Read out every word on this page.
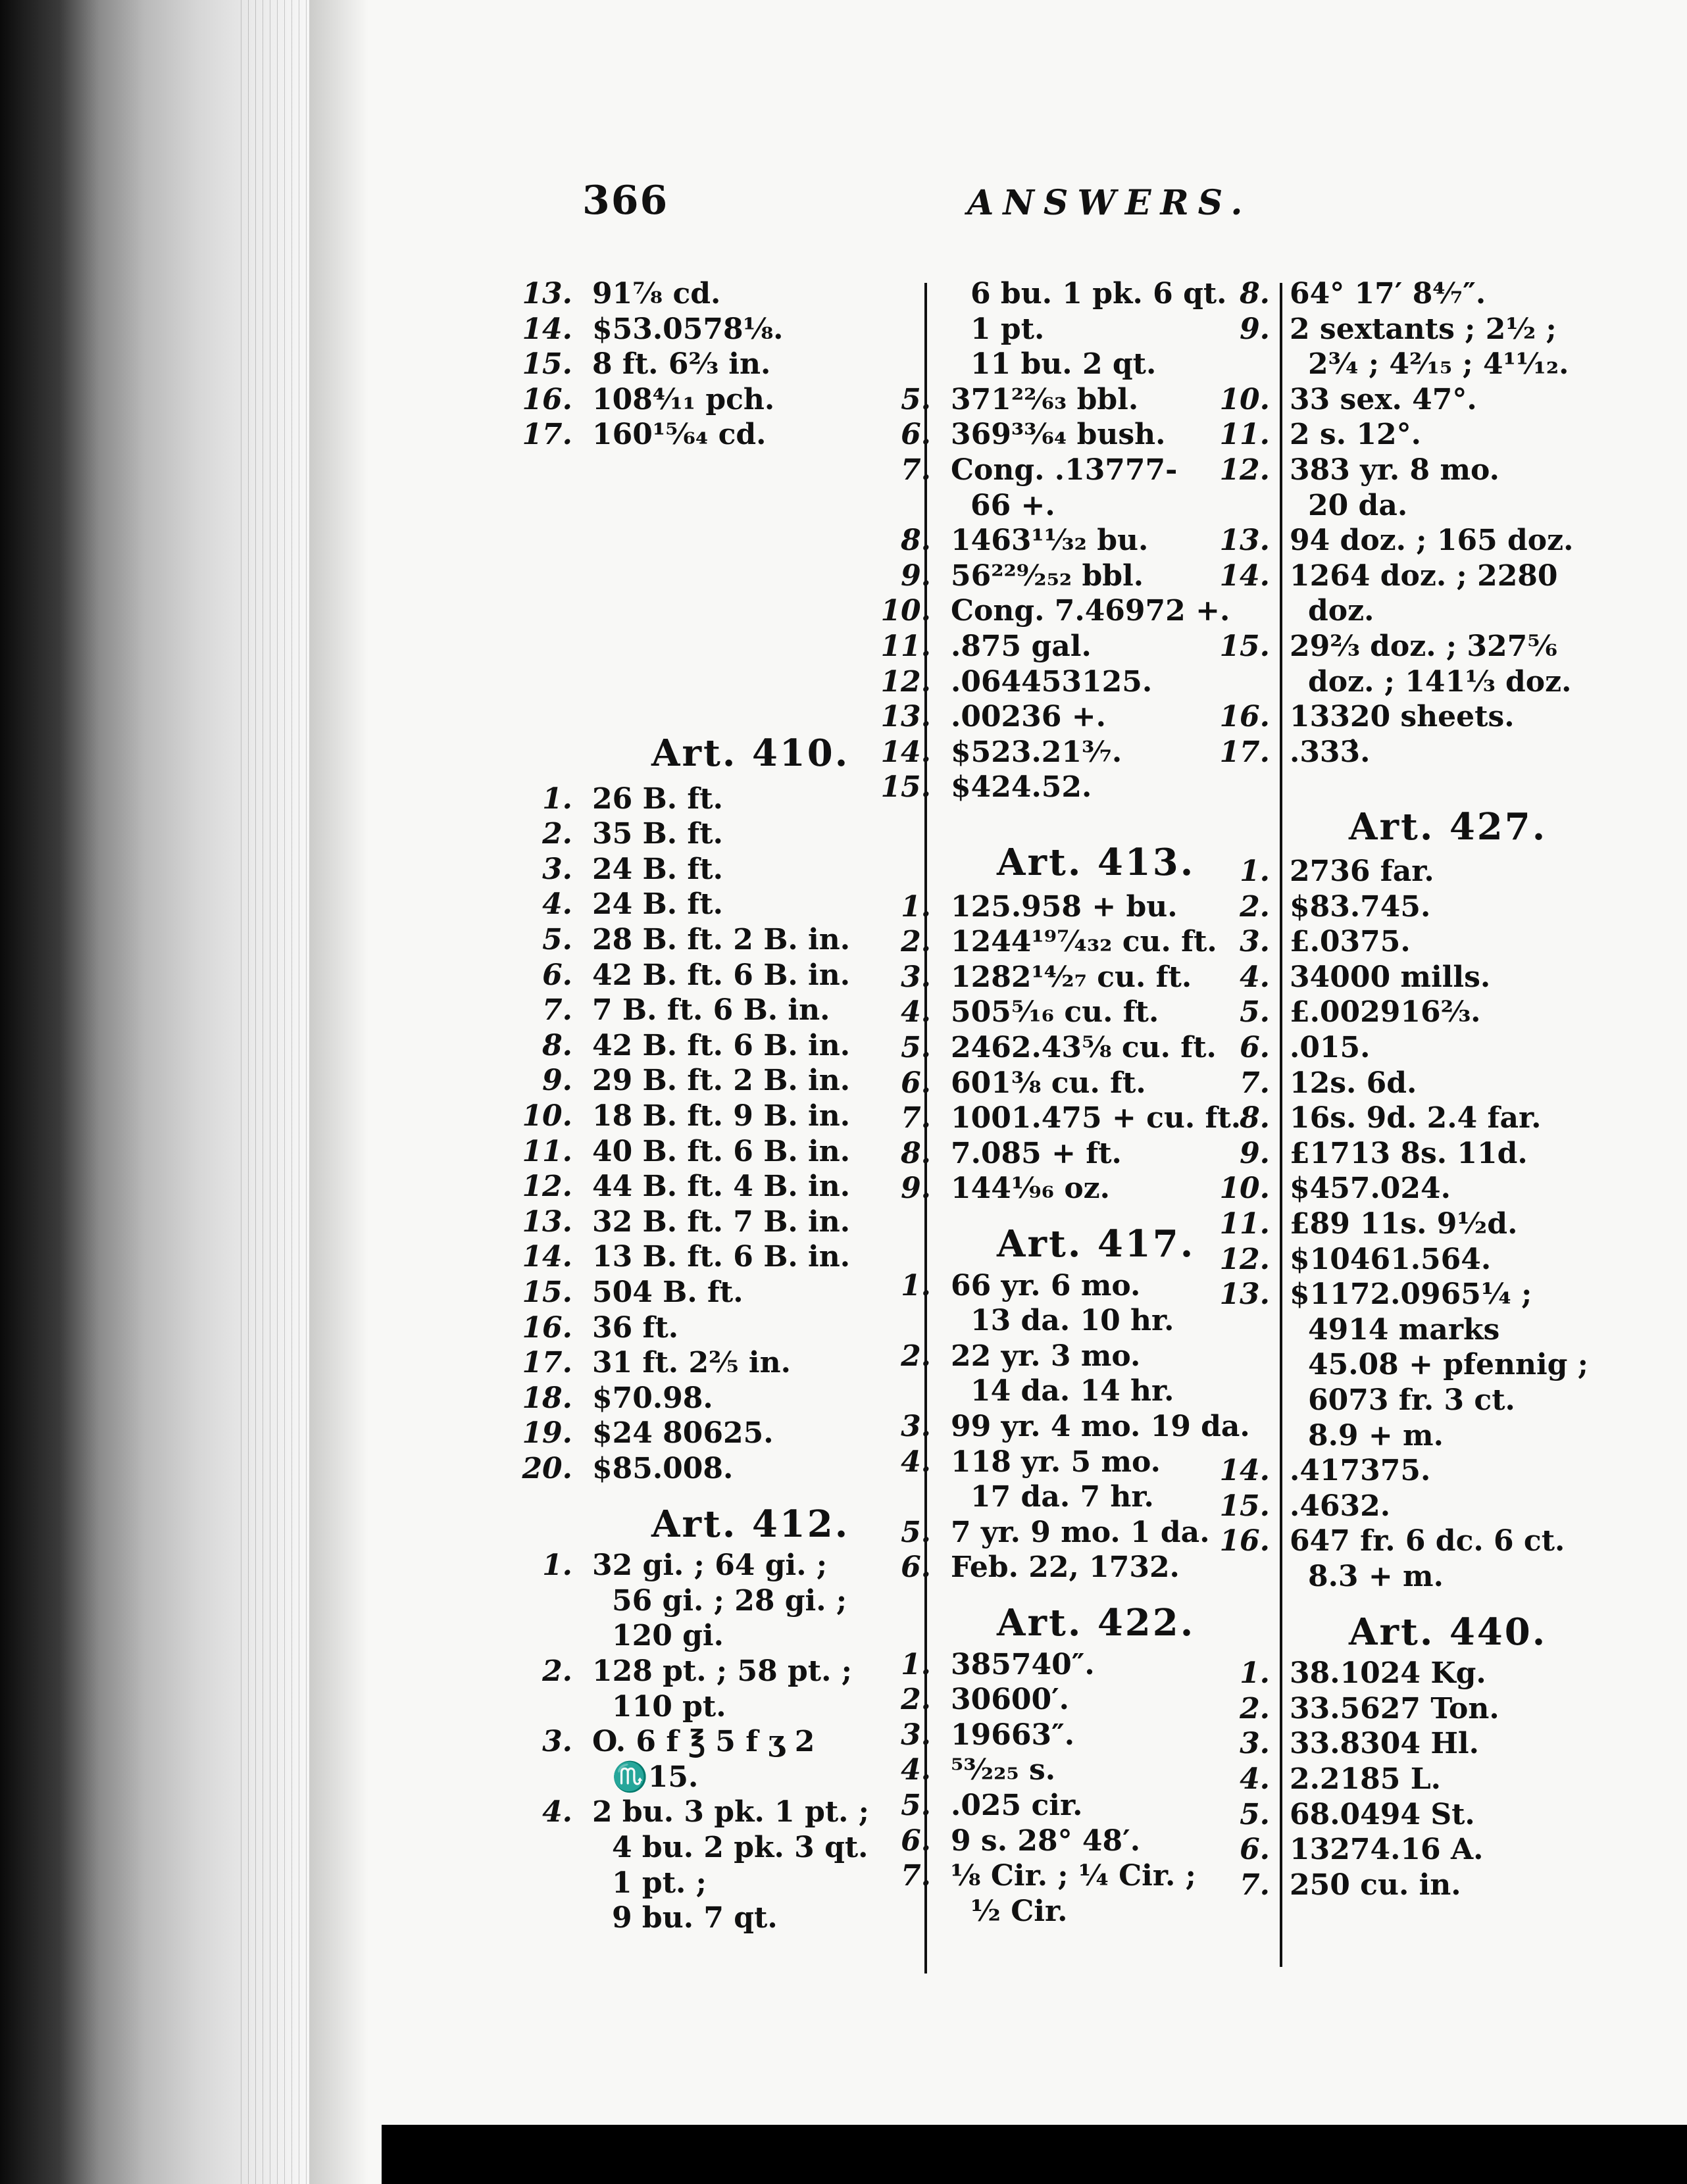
366	ANSWERS.
13. 91⁷⁄₈ cd.
14. $53.0578⅛.
15. 8 ft. 6⅔ in.
16. 108⁴⁄₁₁ pch.
17. 160¹⁵⁄₆₄ cd.
Art. 410.
1. 26 B. ft.
2. 35 B. ft.
3. 24 B. ft.
4. 24 B. ft.
5. 28 B. ft. 2 B. in.
6. 42 B. ft. 6 B. in.
7. 7 B. ft. 6 B. in.
8. 42 B. ft. 6 B. in.
9. 29 B. ft. 2 B. in.
10. 18 B. ft. 9 B. in.
11. 40 B. ft. 6 B. in.
12. 44 B. ft. 4 B. in.
13. 32 B. ft. 7 B. in.
14. 13 B. ft. 6 B. in.
15. 504 B. ft.
16. 36 ft.
17. 31 ft. 2⅖ in.
18. $70.98.
19. $24 80625.
20. $85.008.
Art. 412.
1. 32 gi. ; 64 gi. ;
56 gi. ; 28 gi. ;
120 gi.
2. 128 pt. ; 58 pt. ;
110 pt.
3. O. 6 f ℥ 5 f ʒ 2
♏15.
4. 2 bu. 3 pk. 1 pt. ;
4 bu. 2 pk. 3 qt.
1 pt. ;
9 bu. 7 qt.
6 bu. 1 pk. 6 qt.
1 pt.
11 bu. 2 qt.
5. 371²²⁄₆₃ bbl.
6. 369³³⁄₆₄ bush.
7. Cong. .13777-
66 +.
8. 1463¹¹⁄₃₂ bu.
9. 56²²⁹⁄₂₅₂ bbl.
10. Cong. 7.46972 +.
11. .875 gal.
12. .064453125.
13. .00236 +.
14. $523.21³⁄₇.
15. $424.52.
Art. 413.
1. 125.958 + bu.
2. 1244¹⁹⁷⁄₄₃₂ cu. ft.
3. 1282¹⁴⁄₂₇ cu. ft.
4. 505⁵⁄₁₆ cu. ft.
5. 2462.43⅝ cu. ft.
6. 601⅜ cu. ft.
7. 1001.475 + cu. ft.
8. 7.085 + ft.
9. 144¹⁄₉₆ oz.
Art. 417.
1. 66 yr. 6 mo.
13 da. 10 hr.
2. 22 yr. 3 mo.
14 da. 14 hr.
3. 99 yr. 4 mo. 19 da.
4. 118 yr. 5 mo.
17 da. 7 hr.
5. 7 yr. 9 mo. 1 da.
6. Feb. 22, 1732.
Art. 422.
1. 385740″.
2. 30600′.
3. 19663″.
4. ⁵³⁄₂₂₅ s.
5. .025 cir.
6. 9 s. 28° 48′.
7. ⅛ Cir. ; ¼ Cir. ;
½ Cir.
8. 64° 17′ 8⁴⁄₇″.
9. 2 sextants ; 2½ ;
2¾ ; 4²⁄₁₅ ; 4¹¹⁄₁₂.
10. 33 sex. 47°.
11. 2 s. 12°.
12. 383 yr. 8 mo.
20 da.
13. 94 doz. ; 165 doz.
14. 1264 doz. ; 2280
doz.
15. 29⅔ doz. ; 327⅚
doz. ; 141⅓ doz.
16. 13320 sheets.
17. .333̇.
Art. 427.
1. 2736 far.
2. $83.745.
3. £.0375.
4. 34000 mills.
5. £.002916⅔.
6. .015.
7. 12s. 6d.
8. 16s. 9d. 2.4 far.
9. £1713 8s. 11d.
10. $457.024.
11. £89 11s. 9½d.
12. $10461.564.
13. $1172.0965¼ ;
4914 marks
45.08 + pfennig ;
6073 fr. 3 ct.
8.9 + m.
14. .417375.
15. .4632.
16. 647 fr. 6 dc. 6 ct.
8.3 + m.
Art. 440.
1. 38.1024 Kg.
2. 33.5627 Ton.
3. 33.8304 Hl.
4. 2.2185 L.
5. 68.0494 St.
6. 13274.16 A.
7. 250 cu. in.
